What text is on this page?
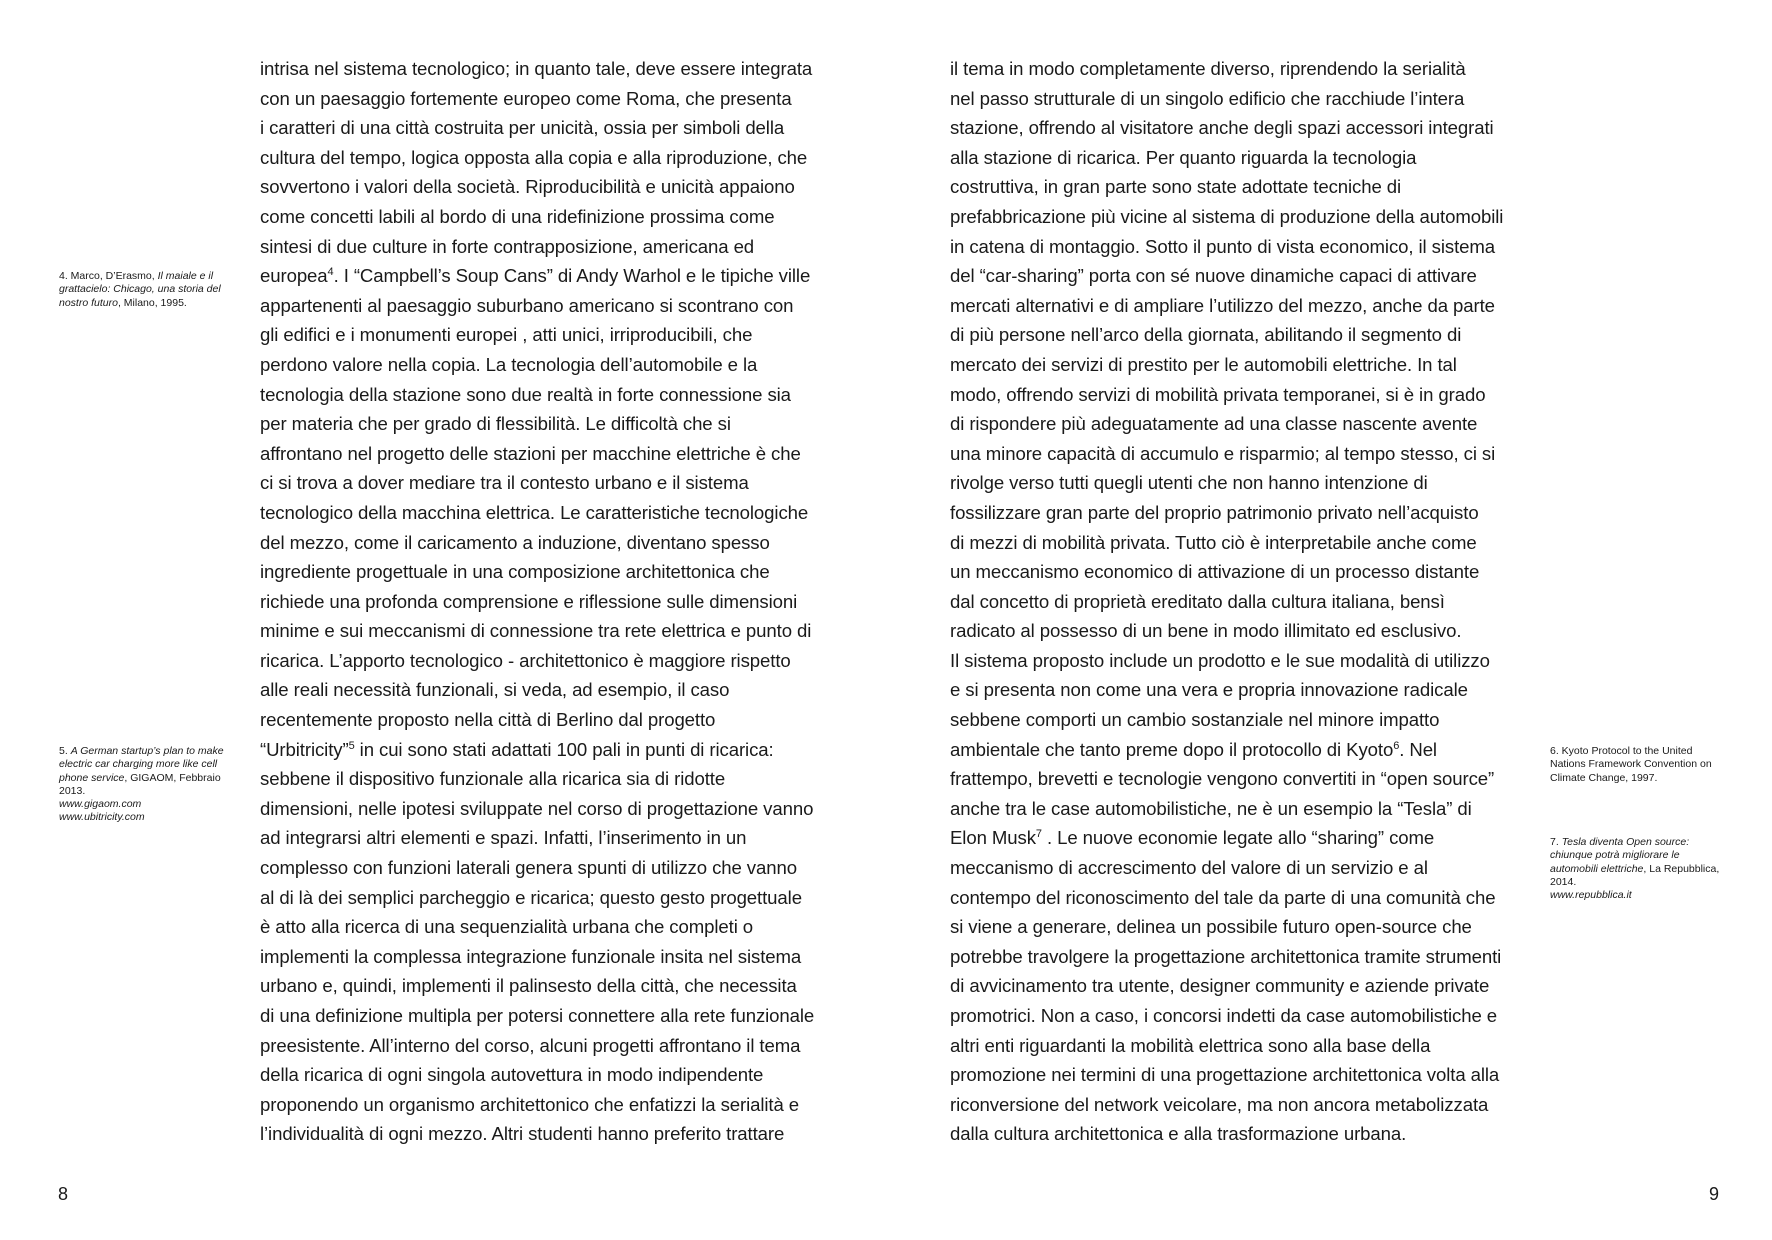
intrisa nel sistema tecnologico; in quanto tale, deve essere integrata
con un paesaggio fortemente europeo come Roma, che presenta
i caratteri di una città costruita per unicità, ossia per simboli della
cultura del tempo, logica opposta alla copia e alla riproduzione, che
sovvertono i valori della società. Riproducibilità e unicità appaiono
come concetti labili al bordo di una ridefinizione prossima come
sintesi di due culture in forte contrapposizione, americana ed
europea$^4$. I “Campbell’s Soup Cans” di Andy Warhol e le tipiche ville
appartenenti al paesaggio suburbano americano si scontrano con
gli edifici e i monumenti europei , atti unici, irriproducibili, che
perdono valore nella copia. La tecnologia dell’automobile e la
tecnologia della stazione sono due realtà in forte connessione sia
per materia che per grado di flessibilità. Le difficoltà che si
affrontano nel progetto delle stazioni per macchine elettriche è che
ci si trova a dover mediare tra il contesto urbano e il sistema
tecnologico della macchina elettrica. Le caratteristiche tecnologiche
del mezzo, come il caricamento a induzione, diventano spesso
ingrediente progettuale in una composizione architettonica che
richiede una profonda comprensione e riflessione sulle dimensioni
minime e sui meccanismi di connessione tra rete elettrica e punto di
ricarica. L’apporto tecnologico - architettonico è maggiore rispetto
alle reali necessità funzionali, si veda, ad esempio, il caso
recentemente proposto nella città di Berlino dal progetto
“Urbitricity”$^5$ in cui sono stati adattati 100 pali in punti di ricarica:
sebbene il dispositivo funzionale alla ricarica sia di ridotte
dimensioni, nelle ipotesi sviluppate nel corso di progettazione vanno
ad integrarsi altri elementi e spazi. Infatti, l’inserimento in un
complesso con funzioni laterali genera spunti di utilizzo che vanno
al di là dei semplici parcheggio e ricarica; questo gesto progettuale
è atto alla ricerca di una sequenzialità urbana che completi o
implementi la complessa integrazione funzionale insita nel sistema
urbano e, quindi, implementi il palinsesto della città, che necessita
di una definizione multipla per potersi connettere alla rete funzionale
preesistente. All’interno del corso, alcuni progetti affrontano il tema
della ricarica di ogni singola autovettura in modo indipendente
proponendo un organismo architettonico che enfatizzi la serialità e
l’individualità di ogni mezzo. Altri studenti hanno preferito trattare

il tema in modo completamente diverso, riprendendo la serialità
nel passo strutturale di un singolo edificio che racchiude l’intera
stazione, offrendo al visitatore anche degli spazi accessori integrati
alla stazione di ricarica. Per quanto riguarda la tecnologia
costruttiva, in gran parte sono state adottate tecniche di
prefabbricazione più vicine al sistema di produzione della automobili
in catena di montaggio. Sotto il punto di vista economico, il sistema
del “car-sharing” porta con sé nuove dinamiche capaci di attivare
mercati alternativi e di ampliare l’utilizzo del mezzo, anche da parte
di più persone nell’arco della giornata, abilitando il segmento di
mercato dei servizi di prestito per le automobili elettriche. In tal
modo, offrendo servizi di mobilità privata temporanei, si è in grado
di rispondere più adeguatamente ad una classe nascente avente
una minore capacità di accumulo e risparmio; al tempo stesso, ci si
rivolge verso tutti quegli utenti che non hanno intenzione di
fossilizzare gran parte del proprio patrimonio privato nell’acquisto
di mezzi di mobilità privata. Tutto ciò è interpretabile anche come
un meccanismo economico di attivazione di un processo distante
dal concetto di proprietà ereditato dalla cultura italiana, bensì
radicato al possesso di un bene in modo illimitato ed esclusivo.
Il sistema proposto include un prodotto e le sue modalità di utilizzo
e si presenta non come una vera e propria innovazione radicale
sebbene comporti un cambio sostanziale nel minore impatto
ambientale che tanto preme dopo il protocollo di Kyoto$^6$. Nel
frattempo, brevetti e tecnologie vengono convertiti in “open source”
anche tra le case automobilistiche, ne è un esempio la “Tesla” di
Elon Musk$^7$ . Le nuove economie legate allo “sharing” come
meccanismo di accrescimento del valore di un servizio e al
contempo del riconoscimento del tale da parte di una comunità che
si viene a generare, delinea un possibile futuro open-source che
potrebbe travolgere la progettazione architettonica tramite strumenti
di avvicinamento tra utente, designer community e aziende private
promotrici. Non a caso, i concorsi indetti da case automobilistiche e
altri enti riguardanti la mobilità elettrica sono alla base della
promozione nei termini di una progettazione architettonica volta alla
riconversione del network veicolare, ma non ancora metabolizzata
dalla cultura architettonica e alla trasformazione urbana.

4. Marco, D’Erasmo, Il maiale e il grattacielo: Chicago, una storia del nostro futuro, Milano, 1995.
5. A German startup’s plan to make electric car charging more like cell phone service, GIGAOM, Febbraio 2013.
www.gigaom.com
www.ubitricity.com
6. Kyoto Protocol to the United Nations Framework Convention on Climate Change, 1997.
7. Tesla diventa Open source: chiunque potrà migliorare le automobili elettriche, La Repubblica, 2014.
www.repubblica.it
8	9
